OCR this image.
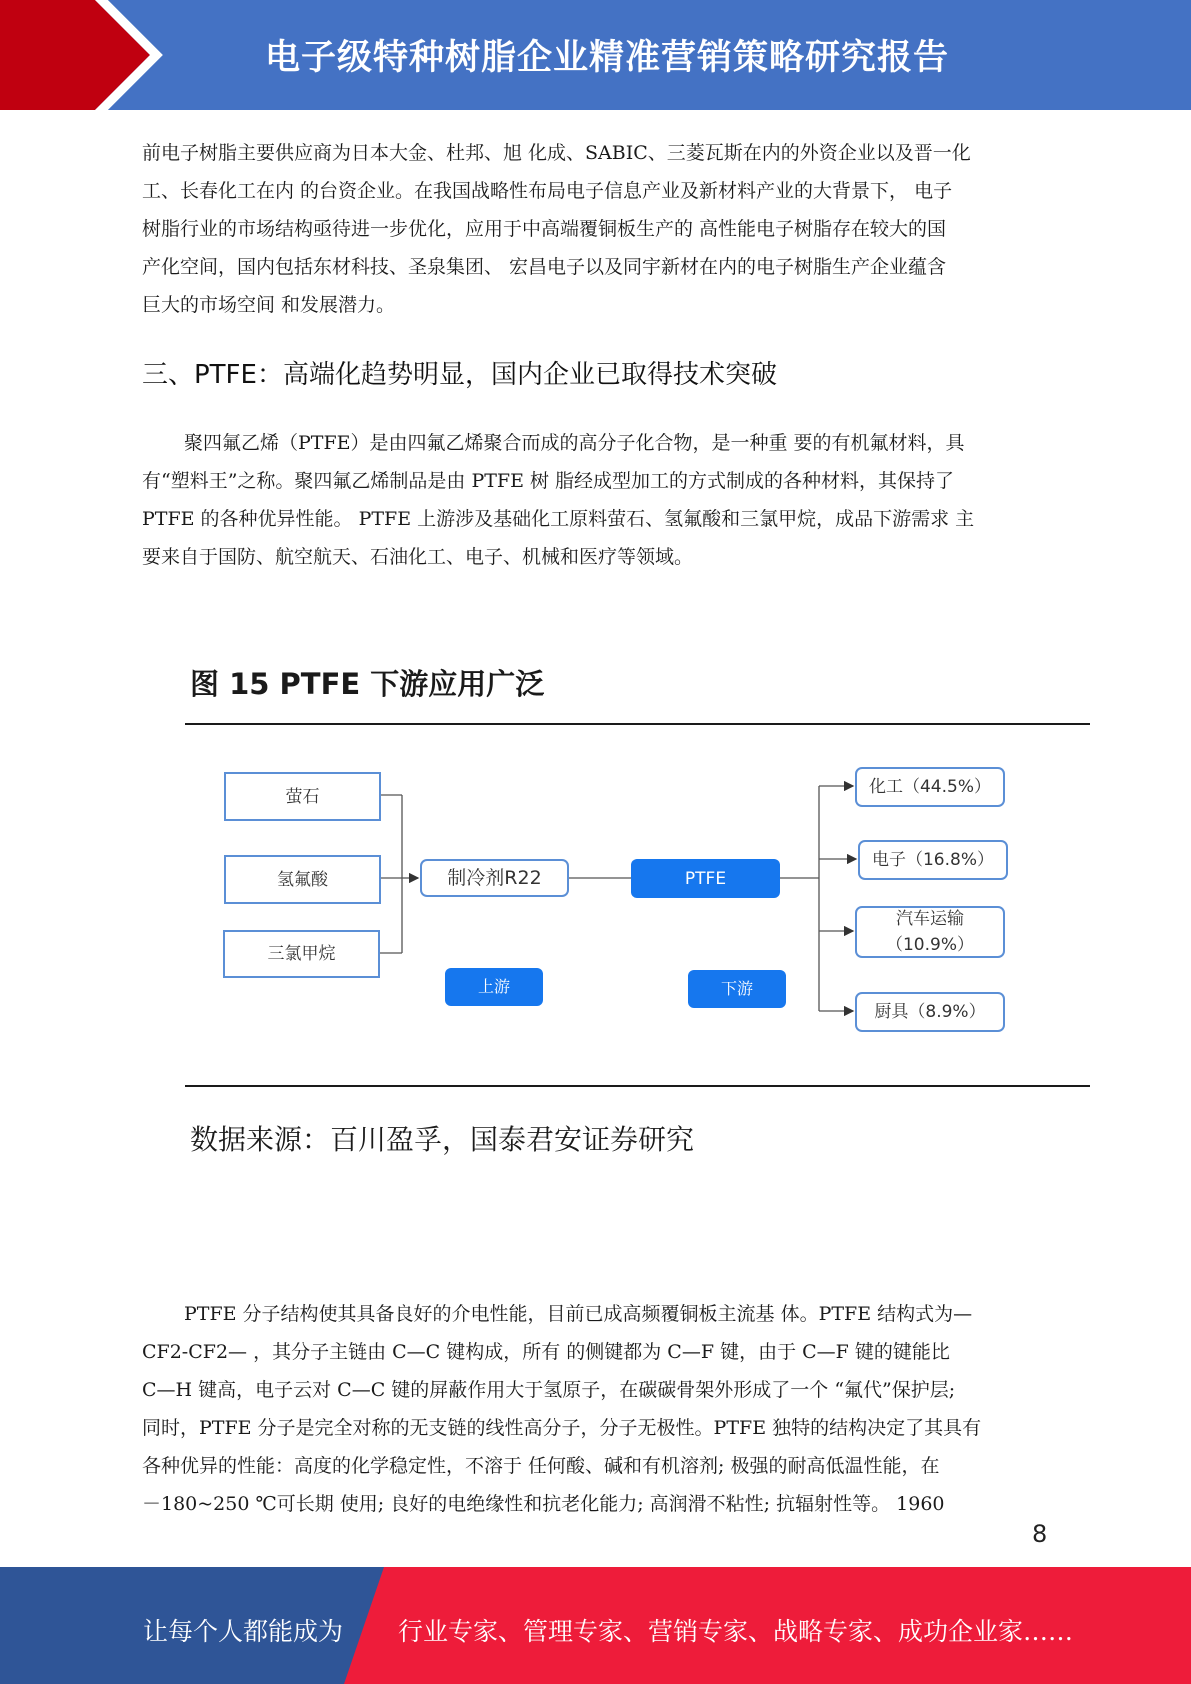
电子级特种树脂企业精准营销策略研究报告
前电子树脂主要供应商为日本大金、杜邦、旭 化成、SABIC、三菱瓦斯在内的外资企业以及晋一化
工、长春化工在内 的台资企业。在我国战略性布局电子信息产业及新材料产业的大背景下， 电子
树脂行业的市场结构亟待进一步优化，应用于中高端覆铜板生产的 高性能电子树脂存在较大的国
产化空间，国内包括东材科技、圣泉集团、 宏昌电子以及同宇新材在内的电子树脂生产企业蕴含
巨大的市场空间 和发展潜力。
三、PTFE：高端化趋势明显，国内企业已取得技术突破
聚四氟乙烯（PTFE）是由四氟乙烯聚合而成的高分子化合物，是一种重 要的有机氟材料，具
有“塑料王”之称。聚四氟乙烯制品是由 PTFE 树 脂经成型加工的方式制成的各种材料，其保持了
PTFE 的各种优异性能。 PTFE 上游涉及基础化工原料萤石、氢氟酸和三氯甲烷，成品下游需求 主
要来自于国防、航空航天、石油化工、电子、机械和医疗等领域。
图 15 PTFE 下游应用广泛
萤石
氢氟酸
三氯甲烷
制冷剂R22	PTFE
上游	下游
化工（44.5%）
电子（16.8%）
汽车运输
（10.9%）
厨具（8.9%）
数据来源：百川盈孚，国泰君安证券研究
PTFE 分子结构使其具备良好的介电性能，目前已成高频覆铜板主流基 体。PTFE 结构式为—
CF2-CF2— ，其分子主链由 C—C 键构成，所有 的侧键都为 C—F 键，由于 C—F 键的键能比
C—H 键高，电子云对 C—C 键的屏蔽作用大于氢原子，在碳碳骨架外形成了一个 “氟代”保护层;
同时，PTFE 分子是完全对称的无支链的线性高分子，分子无极性。PTFE 独特的结构决定了其具有
各种优异的性能：高度的化学稳定性，不溶于 任何酸、碱和有机溶剂; 极强的耐高低温性能，在
－180~250 ℃可长期 使用; 良好的电绝缘性和抗老化能力; 高润滑不粘性; 抗辐射性等。 1960
8
让每个人都能成为 行业专家、管理专家、营销专家、战略专家、成功企业家……
